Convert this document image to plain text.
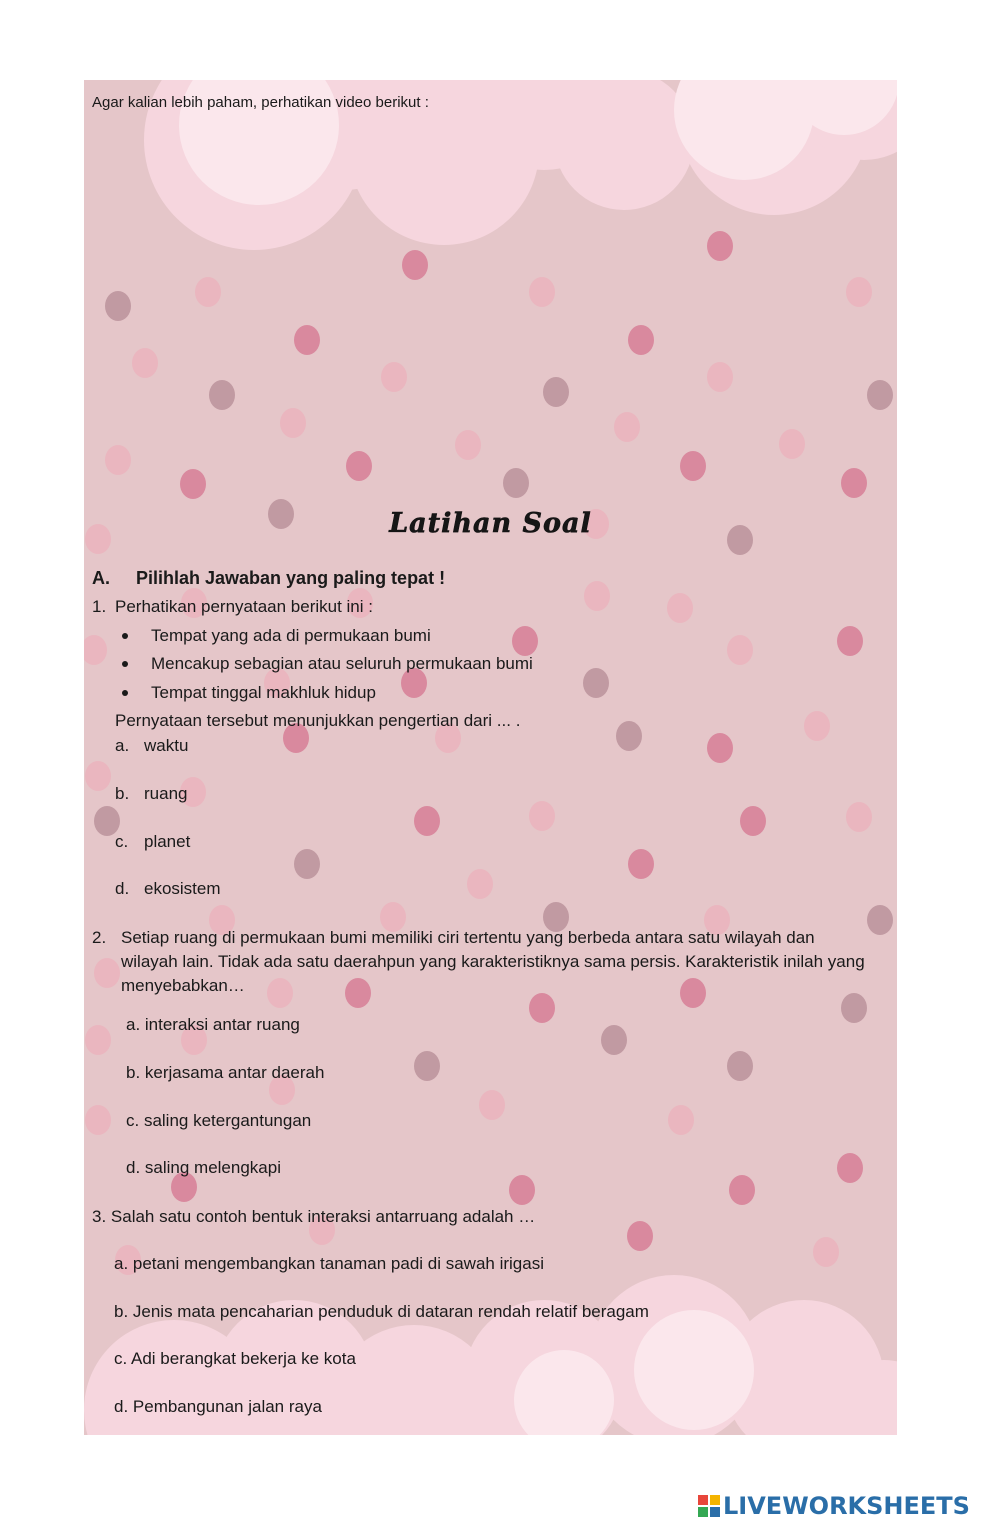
Agar kalian lebih paham, perhatikan video berikut :
Latihan Soal
A. Pilihlah Jawaban yang paling tepat !
1. Perhatikan pernyataan berikut ini :
Tempat yang ada di permukaan bumi
Mencakup sebagian atau seluruh permukaan bumi
Tempat tinggal makhluk hidup
Pernyataan tersebut menunjukkan pengertian dari ... .
a. waktu
b. ruang
c. planet
d. ekosistem
2. Setiap ruang di permukaan bumi memiliki ciri tertentu yang berbeda antara satu wilayah dan
wilayah lain. Tidak ada satu daerahpun yang karakteristiknya sama persis. Karakteristik inilah yang
menyebabkan…
a. interaksi antar ruang
b. kerjasama antar daerah
c. saling ketergantungan
d. saling melengkapi
3. Salah satu contoh bentuk interaksi antarruang adalah …
a. petani mengembangkan tanaman padi di sawah irigasi
b. Jenis mata pencaharian penduduk di dataran rendah relatif beragam
c. Adi berangkat bekerja ke kota
d. Pembangunan jalan raya
LIVEWORKSHEETS
